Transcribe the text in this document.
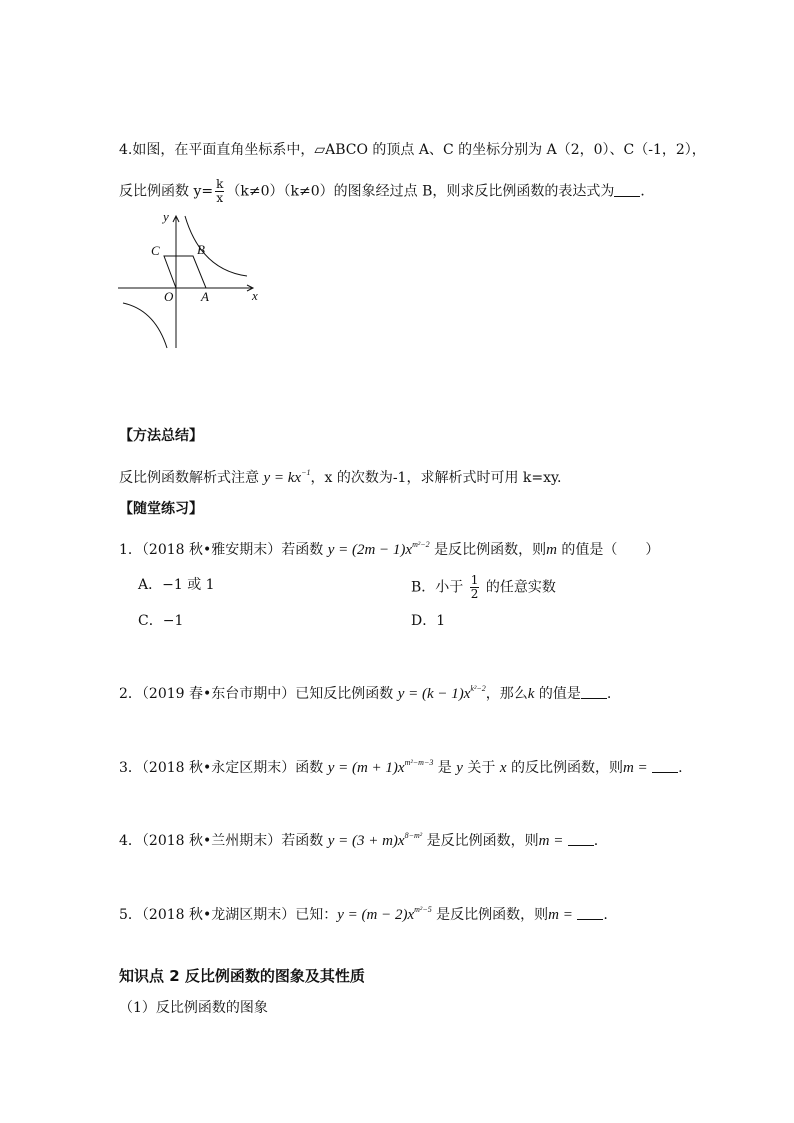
4.如图，在平面直角坐标系中，▱ABCO 的顶点 A、C 的坐标分别为 A（2，0）、C（-1，2），
反比例函数 $y= \frac{k}{x} (k\ne 0)(k\ne 0)$的图象经过点 B，则求反比例函数的表达式为 ．
y
x
C	B
O A
【方法总结】
反比例函数解析式注意 $y = kx^{-1}$，x 的次数为-1，求解析式时可用 k=xy.
【随堂练习】
1．（2018 秋•雅安期末）若函数 $y = (2m - 1)x^{m^2-2}$ 是反比例函数，则m 的值是（　　）
A．−1 或 1	B．小于 $\frac{1}{2}$ 的任意实数
C．−1	D．1
2．（2019 春•东台市期中）已知反比例函数 $y = (k - 1)x^{k^2-2}$，那么k 的值是 .
3．（2018 秋•永定区期末）函数 $y = (m + 1)x^{m^2-m-3}$ 是 y 关于 x 的反比例函数，则m = .
4．（2018 秋•兰州期末）若函数 $y = (3 + m)x^{8-m^2}$ 是反比例函数，则m = .
5．（2018 秋•龙湖区期末）已知：$y = (m - 2)x^{m^2-5}$ 是反比例函数，则m = .
知识点 2 反比例函数的图象及其性质
（1）反比例函数的图象
